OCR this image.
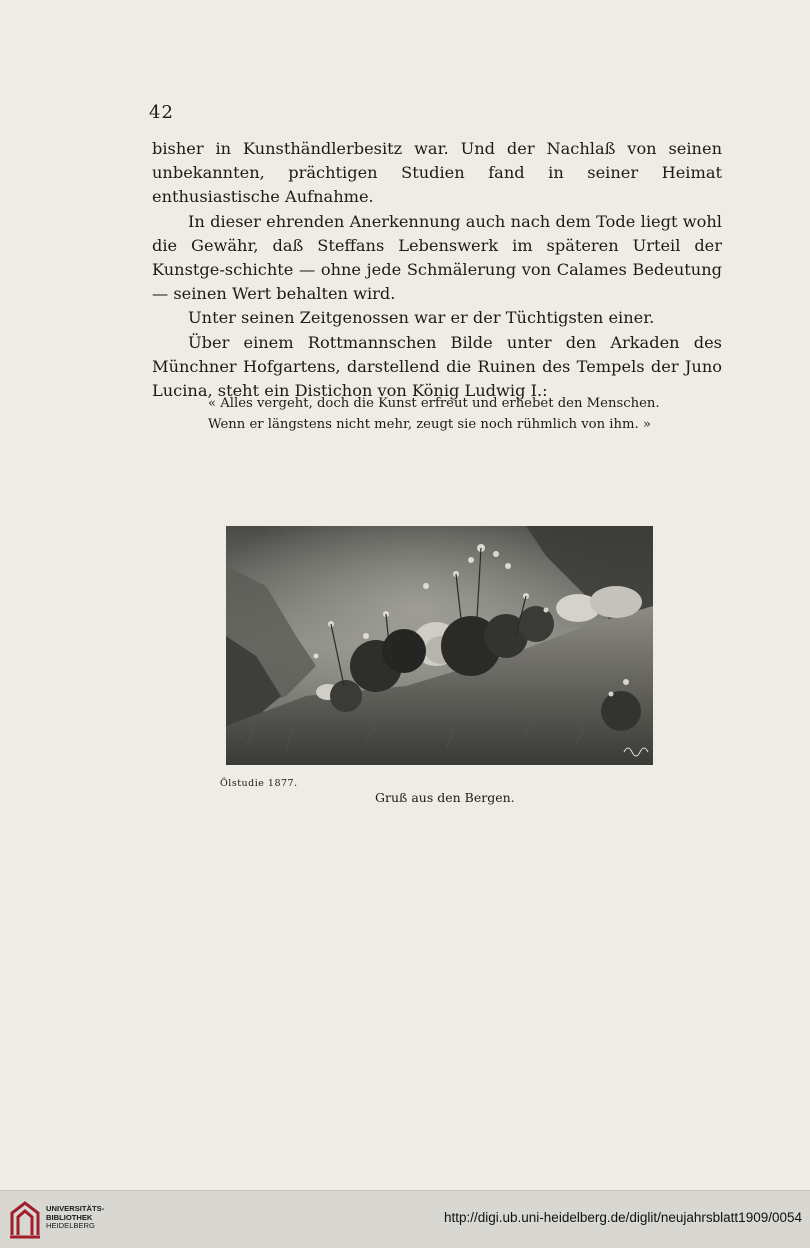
42

bisher in Kunsthändlerbesitz war. Und der Nachlaß von seinen unbekannten, prächtigen Studien fand in seiner Heimat enthusiastische Aufnahme.

In dieser ehrenden Anerkennung auch nach dem Tode liegt wohl die Gewähr, daß Steffans Lebenswerk im späteren Urteil der Kunstge-schichte — ohne jede Schmälerung von Calames Bedeutung — seinen Wert behalten wird.

Unter seinen Zeitgenossen war er der Tüchtigsten einer.

Über einem Rottmannschen Bilde unter den Arkaden des Münchner Hofgartens, darstellend die Ruinen des Tempels der Juno Lucina, steht ein Distichon von König Ludwig I.:

« Alles vergeht, doch die Kunst erfreut und erhebet den Menschen.
Wenn er längstens nicht mehr, zeugt sie noch rühmlich von ihm. »
Ölstudie 1877.
Gruß aus den Bergen.
UNIVERSITÄTS-
BIBLIOTHEK
HEIDELBERG
http://digi.ub.uni-heidelberg.de/diglit/neujahrsblatt1909/0054
